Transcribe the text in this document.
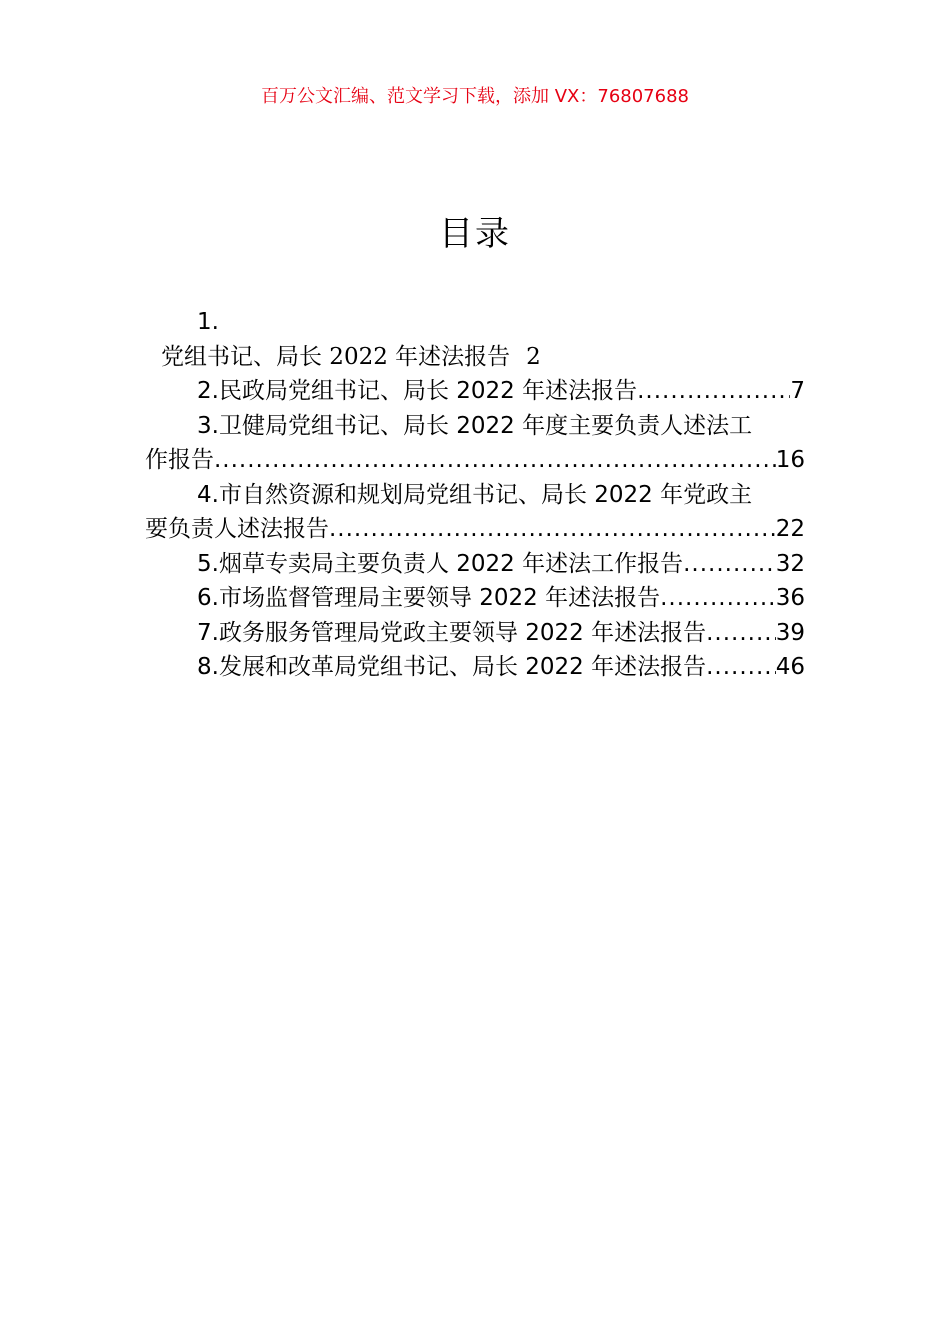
百万公文汇编、范文学习下载，添加 VX：76807688
目录
1.
党组书记、局长 2022 年述法报告 2
2.民政局党组书记、局长 2022 年述法报告 .....	7
3.卫健局党组书记、局长 2022 年度主要负责人述法工
作报告 .....	16
4.市自然资源和规划局党组书记、局长 2022 年党政主
要负责人述法报告 .....	22
5.烟草专卖局主要负责人 2022 年述法工作报告 .....	32
6.市场监督管理局主要领导 2022 年述法报告 .....	36
7.政务服务管理局党政主要领导 2022 年述法报告 .....	39
8.发展和改革局党组书记、局长 2022 年述法报告 .....	46
